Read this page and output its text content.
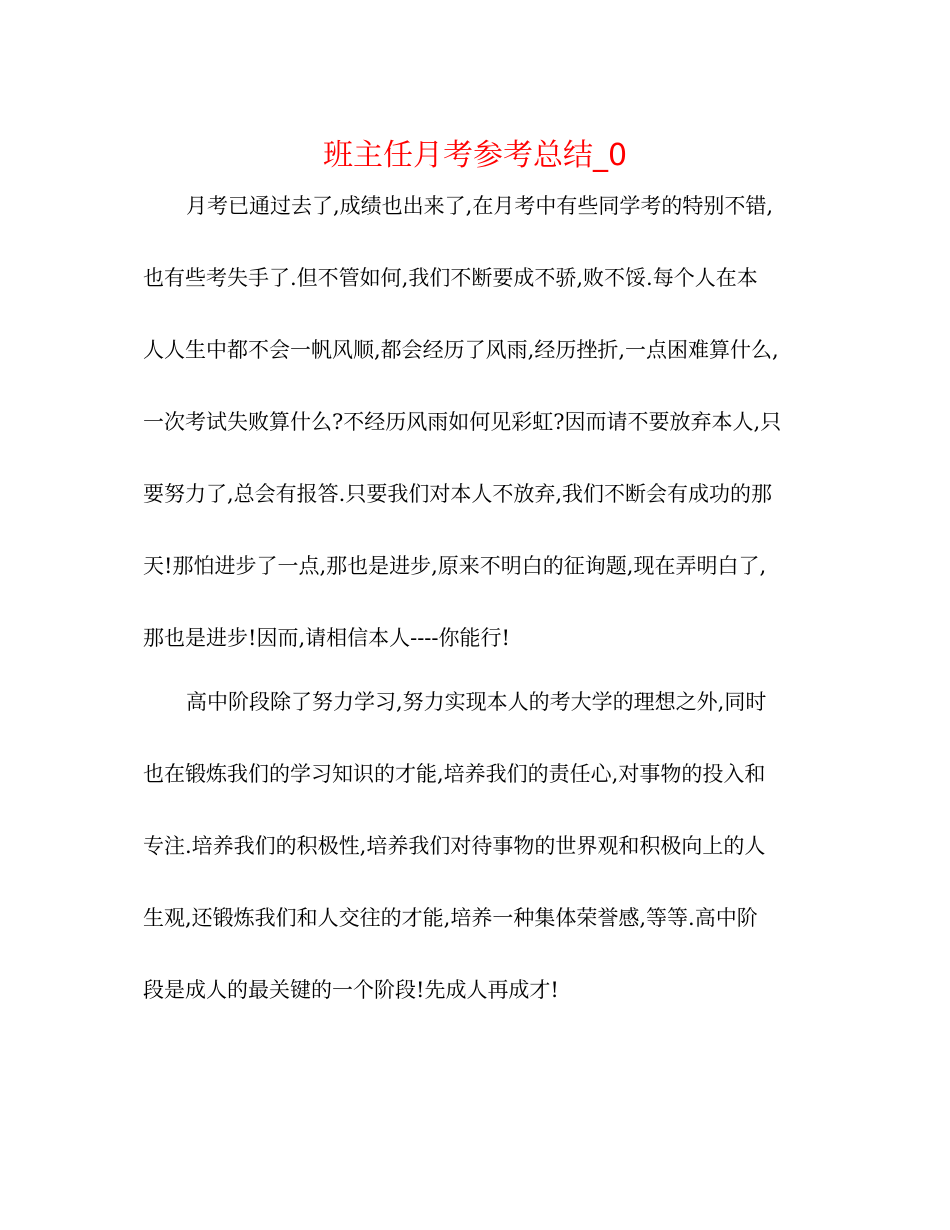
班主任月考参考总结_0
月考已通过去了,成绩也出来了,在月考中有些同学考的特别不错,
也有些考失手了.但不管如何,我们不断要成不骄,败不馁.每个人在本
人人生中都不会一帆风顺,都会经历了风雨,经历挫折,一点困难算什么,
一次考试失败算什么?不经历风雨如何见彩虹?因而请不要放弃本人,只
要努力了,总会有报答.只要我们对本人不放弃,我们不断会有成功的那
天!那怕进步了一点,那也是进步,原来不明白的征询题,现在弄明白了,
那也是进步!因而,请相信本人----你能行!
高中阶段除了努力学习,努力实现本人的考大学的理想之外,同时
也在锻炼我们的学习知识的才能,培养我们的责任心,对事物的投入和
专注.培养我们的积极性,培养我们对待事物的世界观和积极向上的人
生观,还锻炼我们和人交往的才能,培养一种集体荣誉感,等等.高中阶
段是成人的最关键的一个阶段!先成人再成才!
